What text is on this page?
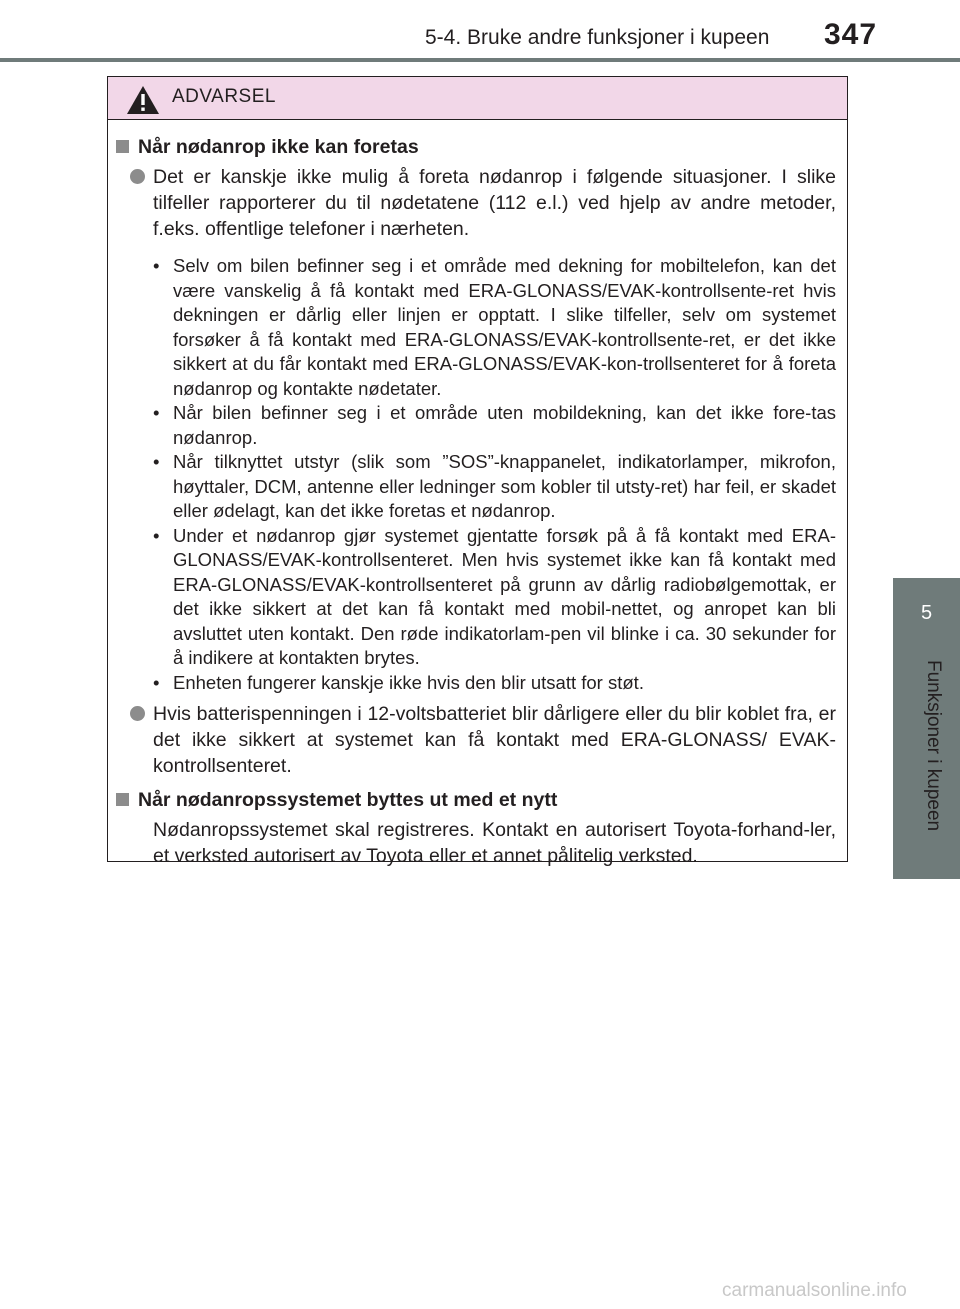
5-4. Bruke andre funksjoner i kupeen 347
5
Funksjoner i kupeen
ADVARSEL

Når nødanrop ikke kan foretas

Det er kanskje ikke mulig å foreta nødanrop i følgende situasjoner. I slike tilfeller rapporterer du til nødetatene (112 e.l.) ved hjelp av andre metoder, f.eks. offentlige telefoner i nærheten.

• Selv om bilen befinner seg i et område med dekning for mobiltelefon, kan det være vanskelig å få kontakt med ERA-GLONASS/EVAK-kontrollsente-ret hvis dekningen er dårlig eller linjen er opptatt. I slike tilfeller, selv om systemet forsøker å få kontakt med ERA-GLONASS/EVAK-kontrollsente-ret, er det ikke sikkert at du får kontakt med ERA-GLONASS/EVAK-kon-trollsenteret for å foreta nødanrop og kontakte nødetater.
• Når bilen befinner seg i et område uten mobildekning, kan det ikke fore-tas nødanrop.
• Når tilknyttet utstyr (slik som ”SOS”-knappanelet, indikatorlamper, mikrofon, høyttaler, DCM, antenne eller ledninger som kobler til utsty-ret) har feil, er skadet eller ødelagt, kan det ikke foretas et nødanrop.
• Under et nødanrop gjør systemet gjentatte forsøk på å få kontakt med ERA-GLONASS/EVAK-kontrollsenteret. Men hvis systemet ikke kan få kontakt med ERA-GLONASS/EVAK-kontrollsenteret på grunn av dårlig radiobølgemottak, er det ikke sikkert at det kan få kontakt med mobil-nettet, og anropet kan bli avsluttet uten kontakt. Den røde indikatorlam-pen vil blinke i ca. 30 sekunder for å indikere at kontakten brytes.
• Enheten fungerer kanskje ikke hvis den blir utsatt for støt.

Hvis batterispenningen i 12-voltsbatteriet blir dårligere eller du blir koblet fra, er det ikke sikkert at systemet kan få kontakt med ERA-GLONASS/ EVAK-kontrollsenteret.

Når nødanropssystemet byttes ut med et nytt

Nødanropssystemet skal registreres. Kontakt en autorisert Toyota-forhand-ler, et verksted autorisert av Toyota eller et annet pålitelig verksted.

carmanualsonline.info
